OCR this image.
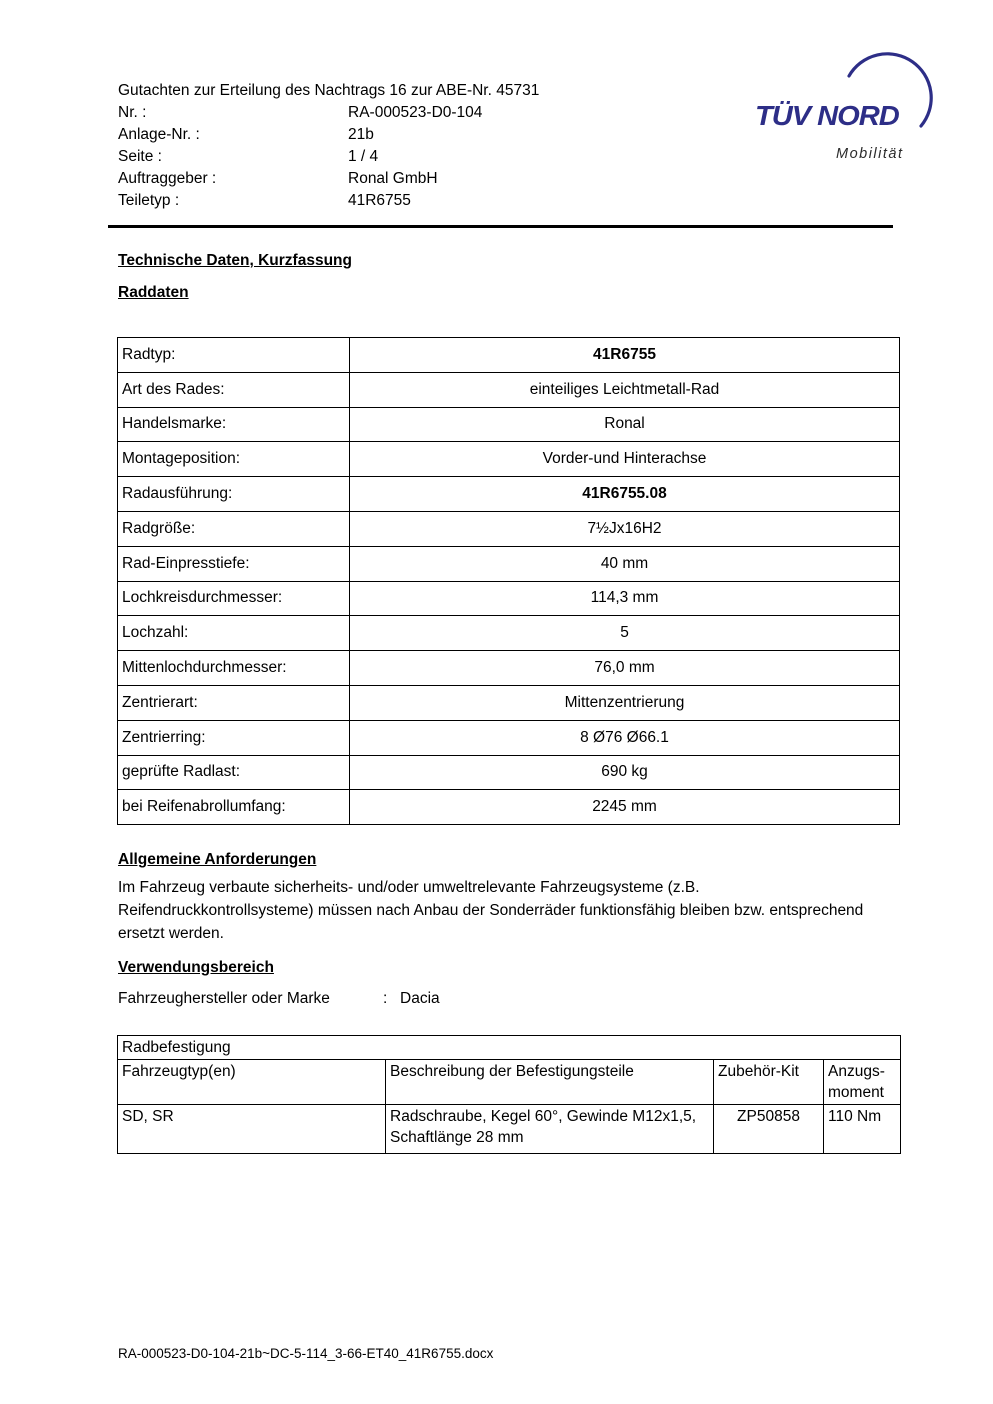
Gutachten zur Erteilung des Nachtrags 16 zur ABE-Nr. 45731
Nr. :	RA-000523-D0-104
Anlage-Nr. :	21b
Seite :	1 / 4
Auftraggeber :	Ronal GmbH
Teiletyp :	41R6755
TÜV NORD
Mobilität
Technische Daten, Kurzfassung
Raddaten
Radtyp:	41R6755
Art des Rades:	einteiliges Leichtmetall-Rad
Handelsmarke:	Ronal
Montageposition:	Vorder-und Hinterachse
Radausführung:	41R6755.08
Radgröße:	7½Jx16H2
Rad-Einpresstiefe:	40 mm
Lochkreisdurchmesser:	114,3 mm
Lochzahl:	5
Mittenlochdurchmesser:	76,0 mm
Zentrierart:	Mittenzentrierung
Zentrierring:	8 Ø76 Ø66.1
geprüfte Radlast:	690 kg
bei Reifenabrollumfang:	2245 mm
Allgemeine Anforderungen
Im Fahrzeug verbaute sicherheits- und/oder umweltrelevante Fahrzeugsysteme (z.B. Reifendruckkontrollsysteme) müssen nach Anbau der Sonderräder funktionsfähig bleiben bzw. entsprechend ersetzt werden.
Verwendungsbereich
Fahrzeughersteller oder Marke	: Dacia
Radbefestigung			
Fahrzeugtyp(en)	Beschreibung der Befestigungsteile	Zubehör-Kit	Anzugs-moment
SD, SR	Radschraube, Kegel 60°, Gewinde M12x1,5, Schaftlänge 28 mm	ZP50858	110 Nm
RA-000523-D0-104-21b~DC-5-114_3-66-ET40_41R6755.docx
